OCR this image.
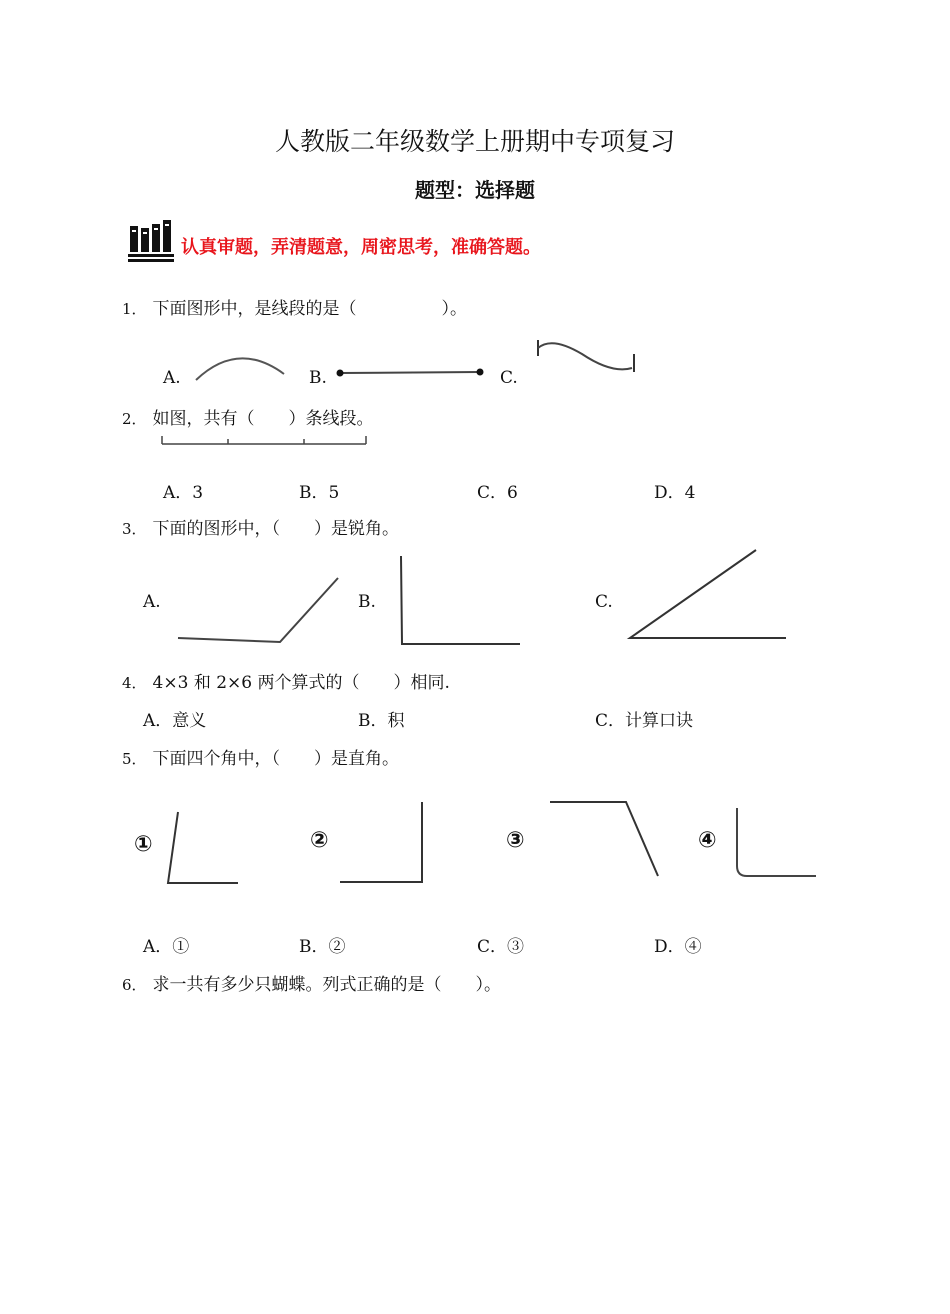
人教版二年级数学上册期中专项复习
题型：选择题
认真审题，弄清题意，周密思考，准确答题。
1． 下面图形中，是线段的是（　　　　　）。
A.	B.	C.
2． 如图，共有（　　）条线段。
A．3	B．5	C．6	D．4
3． 下面的图形中，（　　）是锐角。
A.	B.	C.
4． 4×3 和 2×6 两个算式的（　　）相同.
A．意义	B．积	C．计算口诀
5． 下面四个角中，（　　）是直角。
①	②	③	④
A．①	B．②	C．③	D．④
6． 求一共有多少只蝴蝶。列式正确的是（　　）。
